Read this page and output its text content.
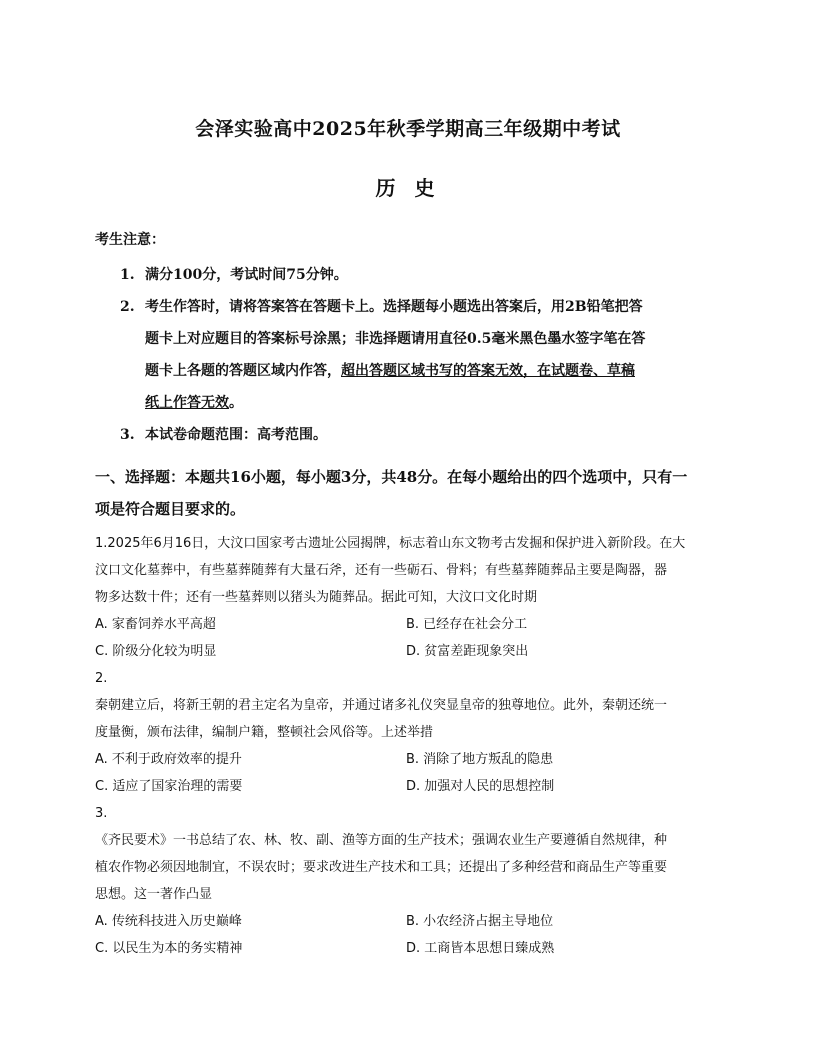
会泽实验高中2025年秋季学期高三年级期中考试
历 史
考生注意：
1. 满分100分，考试时间75分钟。
2. 考生作答时，请将答案答在答题卡上。选择题每小题选出答案后，用2B铅笔把答
题卡上对应题目的答案标号涂黑；非选择题请用直径0.5毫米黑色墨水签字笔在答
题卡上各题的答题区域内作答，超出答题区域书写的答案无效，在试题卷、草稿
纸上作答无效。
3. 本试卷命题范围：高考范围。
一、选择题：本题共16小题，每小题3分，共48分。在每小题给出的四个选项中，只有一
项是符合题目要求的。
1.2025年6月16日，大汶口国家考古遗址公园揭牌，标志着山东文物考古发掘和保护进入新阶段。在大
汶口文化墓葬中，有些墓葬随葬有大量石斧，还有一些砺石、骨料；有些墓葬随葬品主要是陶器，器
物多达数十件；还有一些墓葬则以猪头为随葬品。据此可知，大汶口文化时期
A. 家畜饲养水平高超	B. 已经存在社会分工
C. 阶级分化较为明显	D. 贫富差距现象突出
2.
秦朝建立后，将新王朝的君主定名为皇帝，并通过诸多礼仪突显皇帝的独尊地位。此外，秦朝还统一
度量衡，颁布法律，编制户籍，整顿社会风俗等。上述举措
A. 不利于政府效率的提升	B. 消除了地方叛乱的隐患
C. 适应了国家治理的需要	D. 加强对人民的思想控制
3.
《齐民要术》一书总结了农、林、牧、副、渔等方面的生产技术；强调农业生产要遵循自然规律，种
植农作物必须因地制宜，不误农时；要求改进生产技术和工具；还提出了多种经营和商品生产等重要
思想。这一著作凸显
A. 传统科技进入历史巅峰	B. 小农经济占据主导地位
C. 以民生为本的务实精神	D. 工商皆本思想日臻成熟
